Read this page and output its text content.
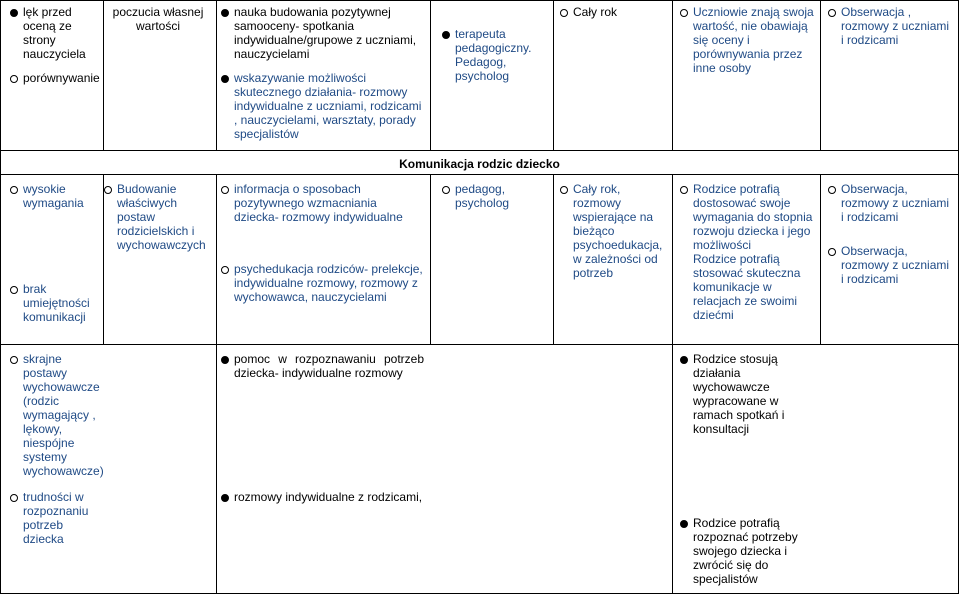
lęk przed oceną ze strony nauczyciela

porównywanie

poczucia własnej wartości

nauka budowania pozytywnej samooceny- spotkania indywidualne/grupowe z uczniami, nauczycielami

wskazywanie możliwości skutecznego działania- rozmowy indywidualne z uczniami, rodzicami , nauczycielami, warsztaty, porady specjalistów

terapeuta pedagogiczny. Pedagog, psycholog

Cały rok	Uczniowie znają swoja wartość, nie obawiają się oceny i porównywania przez inne osoby

Obserwacja , rozmowy z uczniami i rodzicami

Komunikacja rodzic dziecko

wysokie wymagania

brak umiejętności komunikacji

Budowanie właściwych postaw rodzicielskich i wychowawczych

informacja o sposobach pozytywnego wzmacniania dziecka- rozmowy indywidualne

psychedukacja rodziców- prelekcje, indywidualne rozmowy, rozmowy z wychowawca, nauczycielami

pedagog, psycholog

Cały rok, rozmowy wspierające na bieżąco psychoedukacja, w zależności od potrzeb

Rodzice potrafią dostosować swoje wymagania do stopnia rozwoju dziecka i jego możliwości

Rodzice potrafią stosować skuteczna komunikacje w relacjach ze swoimi dziećmi

Obserwacja, rozmowy z uczniami i rodzicami

Obserwacja, rozmowy z uczniami i rodzicami

skrajne postawy wychowawcze (rodzic wymagający , lękowy, niespójne systemy wychowawcze)

trudności w rozpoznaniu potrzeb dziecka

pomoc w rozpoznawaniu potrzeb dziecka- indywidualne rozmowy

rozmowy indywidualne z rodzicami,

Rodzice stosują działania wychowawcze wypracowane w ramach spotkań i konsultacji

Rodzice potrafią rozpoznać potrzeby swojego dziecka i zwrócić się do specjalistów
